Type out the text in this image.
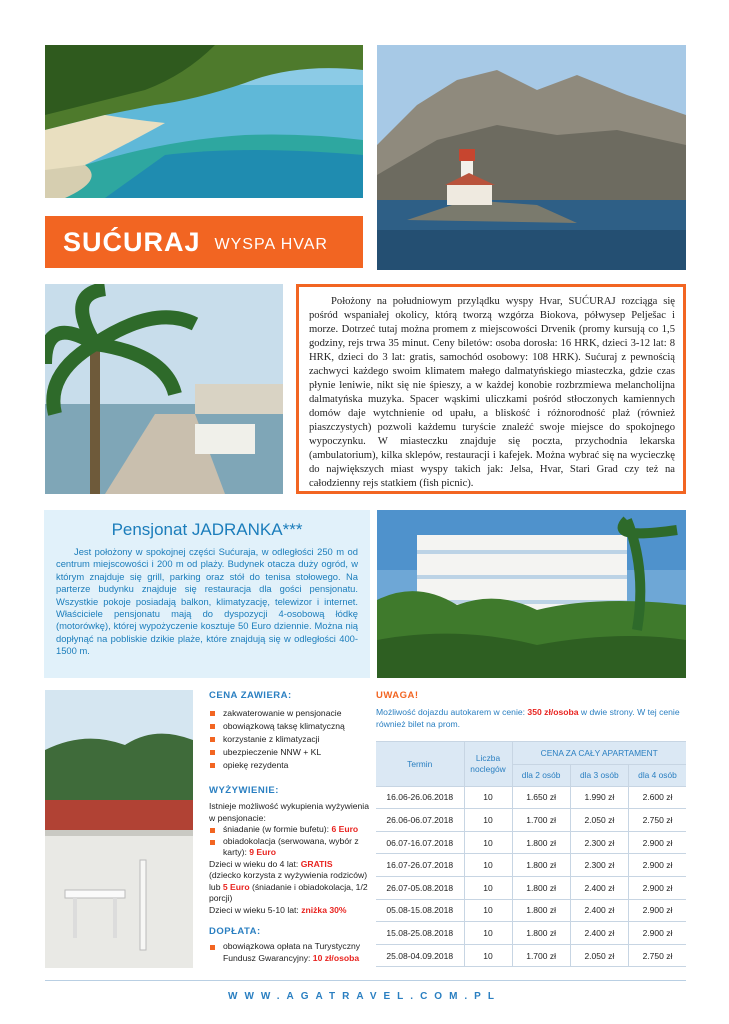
SUĆURAJ WYSPA HVAR
Położony na południowym przylądku wyspy Hvar, SUĆURAJ rozciąga się pośród wspaniałej okolicy, którą tworzą wzgórza Biokova, półwysep Pelješac i morze. Dotrzeć tutaj można promem z miejscowości Drvenik (promy kursują co 1,5 godziny, rejs trwa 35 minut. Ceny biletów: osoba dorosła: 16 HRK, dzieci 3-12 lat: 8 HRK, dzieci do 3 lat: gratis, samochód osobowy: 108 HRK). Sućuraj z pewnością zachwyci każdego swoim klimatem małego dalmatyńskiego miasteczka, gdzie czas płynie leniwie, nikt się nie śpieszy, a w każdej konobie rozbrzmiewa melancholijna dalmatyńska muzyka. Spacer wąskimi uliczkami pośród stłoczonych kamiennych domów daje wytchnienie od upału, a bliskość i różnorodność plaż (również piaszczystych) pozwoli każdemu turyście znaleźć swoje miejsce do spokojnego wypoczynku. W miasteczku znajduje się poczta, przychodnia lekarska (ambulatorium), kilka sklepów, restauracji i kafejek. Można wybrać się na wycieczkę do największych miast wyspy takich jak: Jelsa, Hvar, Stari Grad czy też na całodzienny rejs statkiem (fish picnic).
Pensjonat JADRANKA***

Jest położony w spokojnej części Sućuraja, w odległości 250 m od centrum miejscowości i 200 m od plaży. Budynek otacza duży ogród, w którym znajduje się grill, parking oraz stół do tenisa stołowego. Na parterze budynku znajduje się restauracja dla gości pensjonatu. Wszystkie pokoje posiadają balkon, klimatyzację, telewizor i internet. Właściciele pensjonatu mają do dyspozycji 4-osobową łódkę (motorówkę), której wypożyczenie kosztuje 50 Euro dziennie. Można nią dopłynąć na pobliskie dzikie plaże, które znajdują się w odległości 400-1500 m.

CENA ZAWIERA:
zakwaterowanie w pensjonacie
obowiązkową taksę klimatyczną
korzystanie z klimatyzacji
ubezpieczenie NNW + KL
opiekę rezydenta
WYŻYWIENIE:
Istnieje możliwość wykupienia wyżywienia w pensjonacie:
śniadanie (w formie bufetu): 6 Euro
obiadokolacja (serwowana, wybór z karty): 9 Euro
Dzieci w wieku do 4 lat: GRATIS
(dziecko korzysta z wyżywienia rodziców)
lub 5 Euro (śniadanie i obiadokolacja, 1/2 porcji)
Dzieci w wieku 5-10 lat: zniżka 30%
DOPŁATA:
obowiązkowa opłata na Turystyczny Fundusz Gwarancyjny: 10 zł/osoba
UWAGA!
Możliwość dojazdu autokarem w cenie: 350 zł/osoba w dwie strony. W tej cenie również bilet na prom.
Termin	Liczba noclegów	CENA ZA CAŁY APARTAMENT		
		dla 2 osób	dla 3 osób	dla 4 osób
16.06-26.06.2018	10	1.650 zł	1.990 zł	2.600 zł
26.06-06.07.2018	10	1.700 zł	2.050 zł	2.750 zł
06.07-16.07.2018	10	1.800 zł	2.300 zł	2.900 zł
16.07-26.07.2018	10	1.800 zł	2.300 zł	2.900 zł
26.07-05.08.2018	10	1.800 zł	2.400 zł	2.900 zł
05.08-15.08.2018	10	1.800 zł	2.400 zł	2.900 zł
15.08-25.08.2018	10	1.800 zł	2.400 zł	2.900 zł
25.08-04.09.2018	10	1.700 zł	2.050 zł	2.750 zł
WWW.AGATRAVEL.COM.PL
